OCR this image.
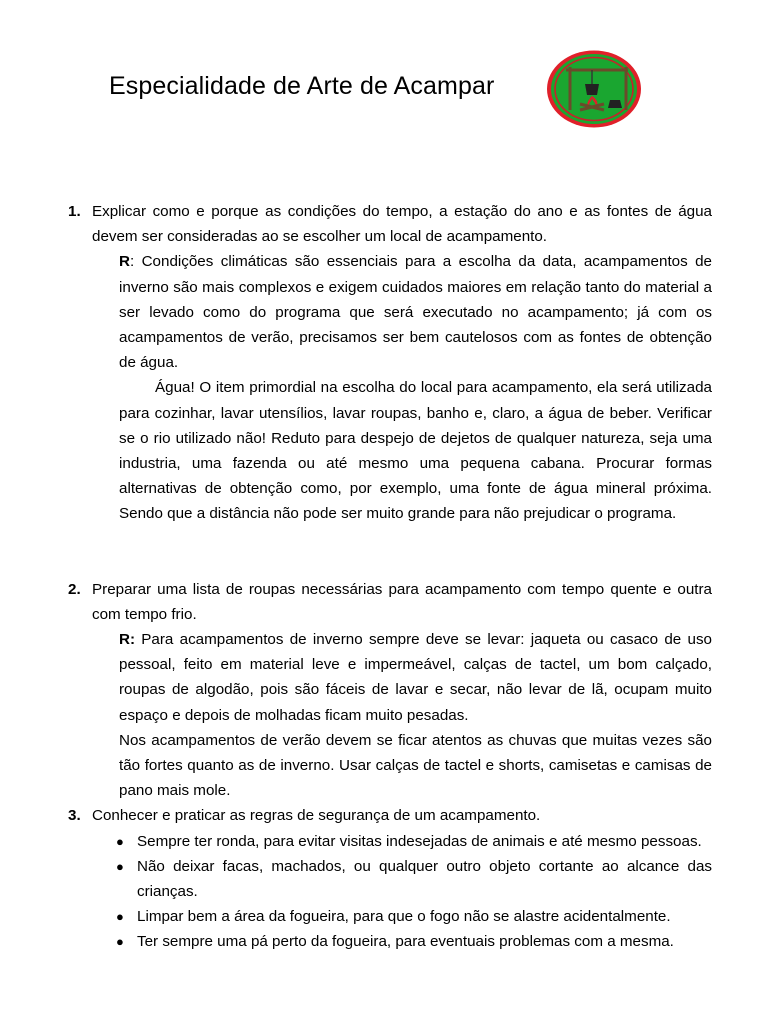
Especialidade de Arte de Acampar
1. Explicar como e porque as condições do tempo, a estação do ano e as fontes de água devem ser consideradas ao se escolher um local de acampamento.

R: Condições climáticas são essenciais para a escolha da data, acampamentos de inverno são mais complexos e exigem cuidados maiores em relação tanto do material a ser levado como do programa que será executado no acampamento; já com os acampamentos de verão, precisamos ser bem cautelosos com as fontes de obtenção de água.

Água! O item primordial na escolha do local para acampamento, ela será utilizada para cozinhar, lavar utensílios, lavar roupas, banho e, claro, a água de beber. Verificar se o rio utilizado não! Reduto para despejo de dejetos de qualquer natureza, seja uma industria, uma fazenda ou até mesmo uma pequena cabana. Procurar formas alternativas de obtenção como, por exemplo, uma fonte de água mineral próxima. Sendo que a distância não pode ser muito grande para não prejudicar o programa.

2. Preparar uma lista de roupas necessárias para acampamento com tempo quente e outra com tempo frio.

R: Para acampamentos de inverno sempre deve se levar: jaqueta ou casaco de uso pessoal, feito em material leve e impermeável, calças de tactel, um bom calçado, roupas de algodão, pois são fáceis de lavar e secar, não levar de lã, ocupam muito espaço e depois de molhadas ficam muito pesadas.

Nos acampamentos de verão devem se ficar atentos as chuvas que muitas vezes são tão fortes quanto as de inverno. Usar calças de tactel e shorts, camisetas e camisas de pano mais mole.

3. Conhecer e praticar as regras de segurança de um acampamento.

● Sempre ter ronda, para evitar visitas indesejadas de animais e até mesmo pessoas.
● Não deixar facas, machados, ou qualquer outro objeto cortante ao alcance das crianças.
● Limpar bem a área da fogueira, para que o fogo não se alastre acidentalmente.
● Ter sempre uma pá perto da fogueira, para eventuais problemas com a mesma.
